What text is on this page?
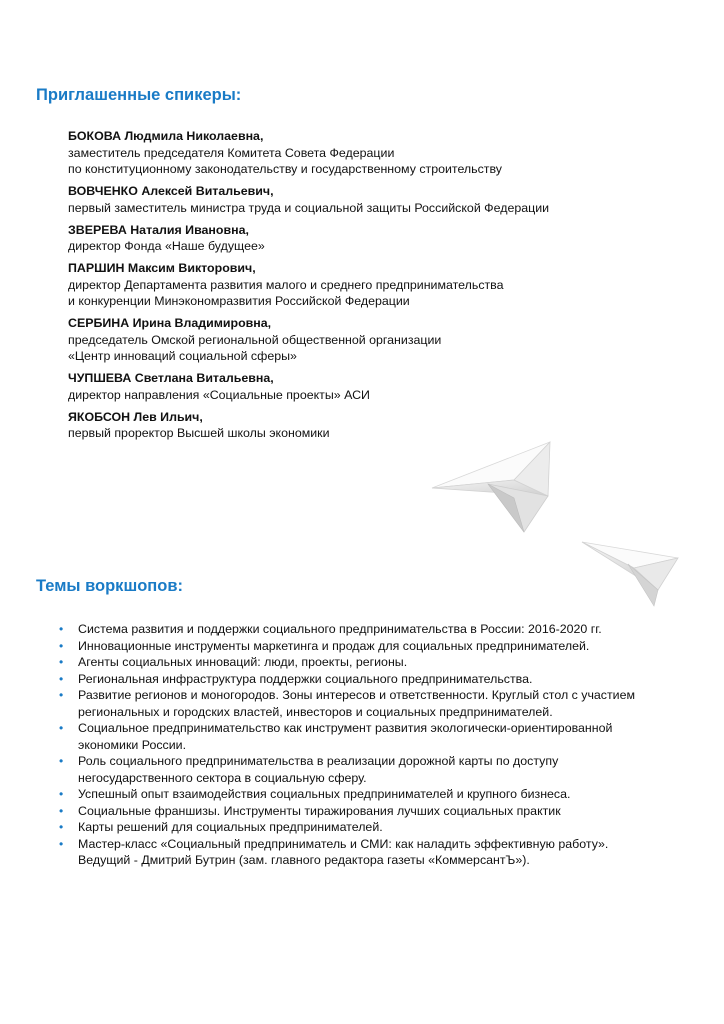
Приглашенные спикеры:
БОКОВА Людмила Николаевна,
заместитель председателя Комитета Совета Федерации
по конституционному законодательству и государственному строительству
ВОВЧЕНКО Алексей Витальевич,
первый заместитель министра труда и социальной защиты Российской Федерации
ЗВЕРЕВА Наталия Ивановна,
директор Фонда «Наше будущее»
ПАРШИН Максим Викторович,
директор Департамента развития малого и среднего предпринимательства
и конкуренции Минэкономразвития Российской Федерации
СЕРБИНА Ирина Владимировна,
председатель Омской региональной общественной организации
«Центр инноваций социальной сферы»
ЧУПШЕВА Светлана Витальевна,
директор направления «Социальные проекты» АСИ
ЯКОБСОН Лев Ильич,
первый проректор Высшей школы экономики
Темы воркшопов:
• Система развития и поддержки социального предпринимательства в России: 2016-2020 гг.
• Инновационные инструменты маркетинга и продаж для социальных предпринимателей.
• Агенты социальных инноваций: люди, проекты, регионы.
• Региональная инфраструктура поддержки социального предпринимательства.
• Развитие регионов и моногородов. Зоны интересов и ответственности. Круглый стол с участием
региональных и городских властей, инвесторов и социальных предпринимателей.
• Социальное предпринимательство как инструмент развития экологически-ориентированной
экономики России.
• Роль социального предпринимательства в реализации дорожной карты по доступу
негосударственного сектора в социальную сферу.
• Успешный опыт взаимодействия социальных предпринимателей и крупного бизнеса.
• Социальные франшизы. Инструменты тиражирования лучших социальных практик
• Карты решений для социальных предпринимателей.
• Мастер-класс «Социальный предприниматель и СМИ: как наладить эффективную работу».
Ведущий - Дмитрий Бутрин (зам. главного редактора газеты «КоммерсантЪ»).
